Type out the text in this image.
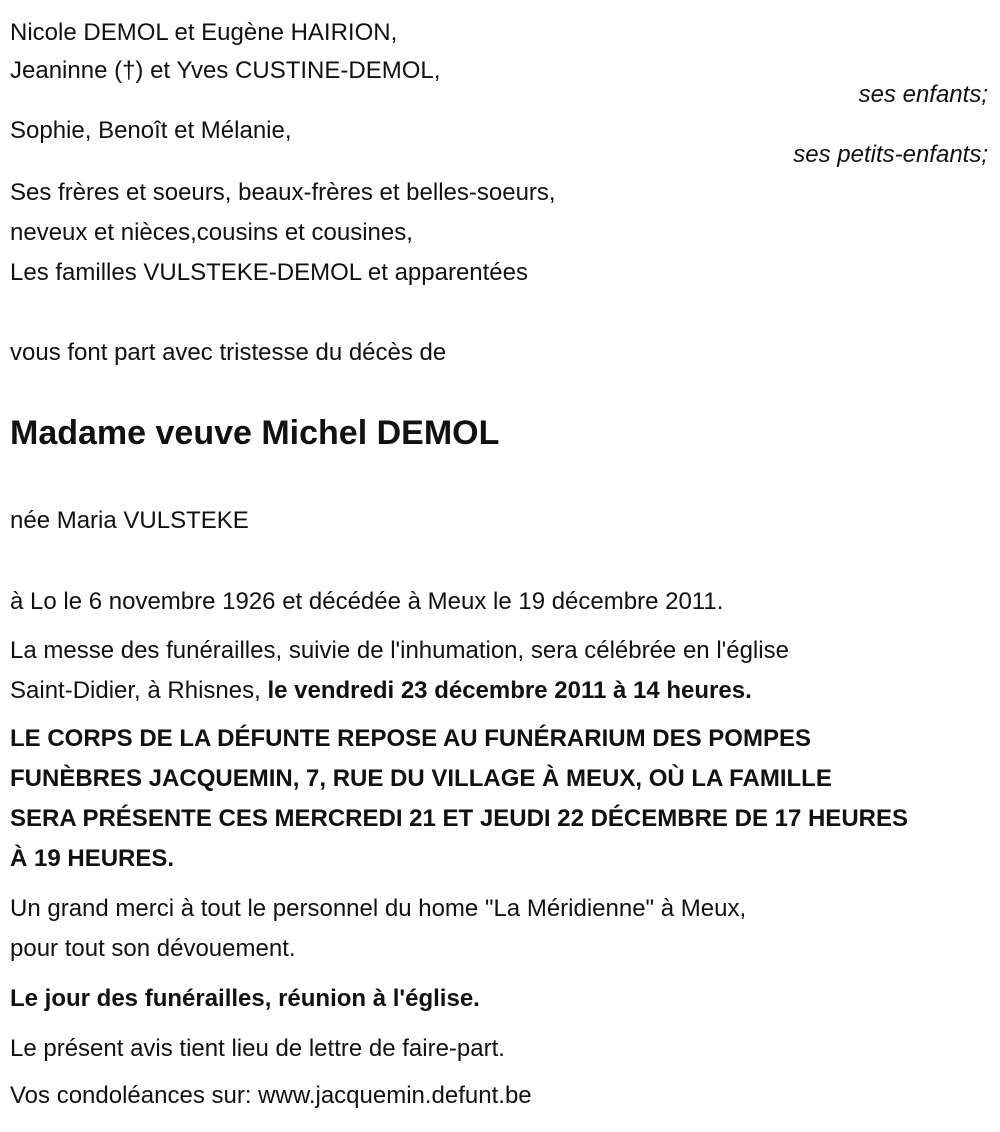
Nicole DEMOL et Eugène HAIRION,
Jeaninne (†) et Yves CUSTINE-DEMOL,
ses enfants;
Sophie, Benoît et Mélanie,
ses petits-enfants;
Ses frères et soeurs, beaux-frères et belles-soeurs,
neveux et nièces,cousins et cousines,
Les familles VULSTEKE-DEMOL et apparentées
vous font part avec tristesse du décès de
Madame veuve Michel DEMOL
née Maria VULSTEKE
à Lo le 6 novembre 1926 et décédée à Meux le 19 décembre 2011.
La messe des funérailles, suivie de l'inhumation, sera célébrée en l'église
Saint-Didier, à Rhisnes, le vendredi 23 décembre 2011 à 14 heures.
LE CORPS DE LA DÉFUNTE REPOSE AU FUNÉRARIUM DES POMPES
FUNÈBRES JACQUEMIN, 7, RUE DU VILLAGE À MEUX, OÙ LA FAMILLE
SERA PRÉSENTE CES MERCREDI 21 ET JEUDI 22 DÉCEMBRE DE 17 HEURES
À 19 HEURES.
Un grand merci à tout le personnel du home "La Méridienne" à Meux,
pour tout son dévouement.
Le jour des funérailles, réunion à l'église.
Le présent avis tient lieu de lettre de faire-part.
Vos condoléances sur: www.jacquemin.defunt.be
